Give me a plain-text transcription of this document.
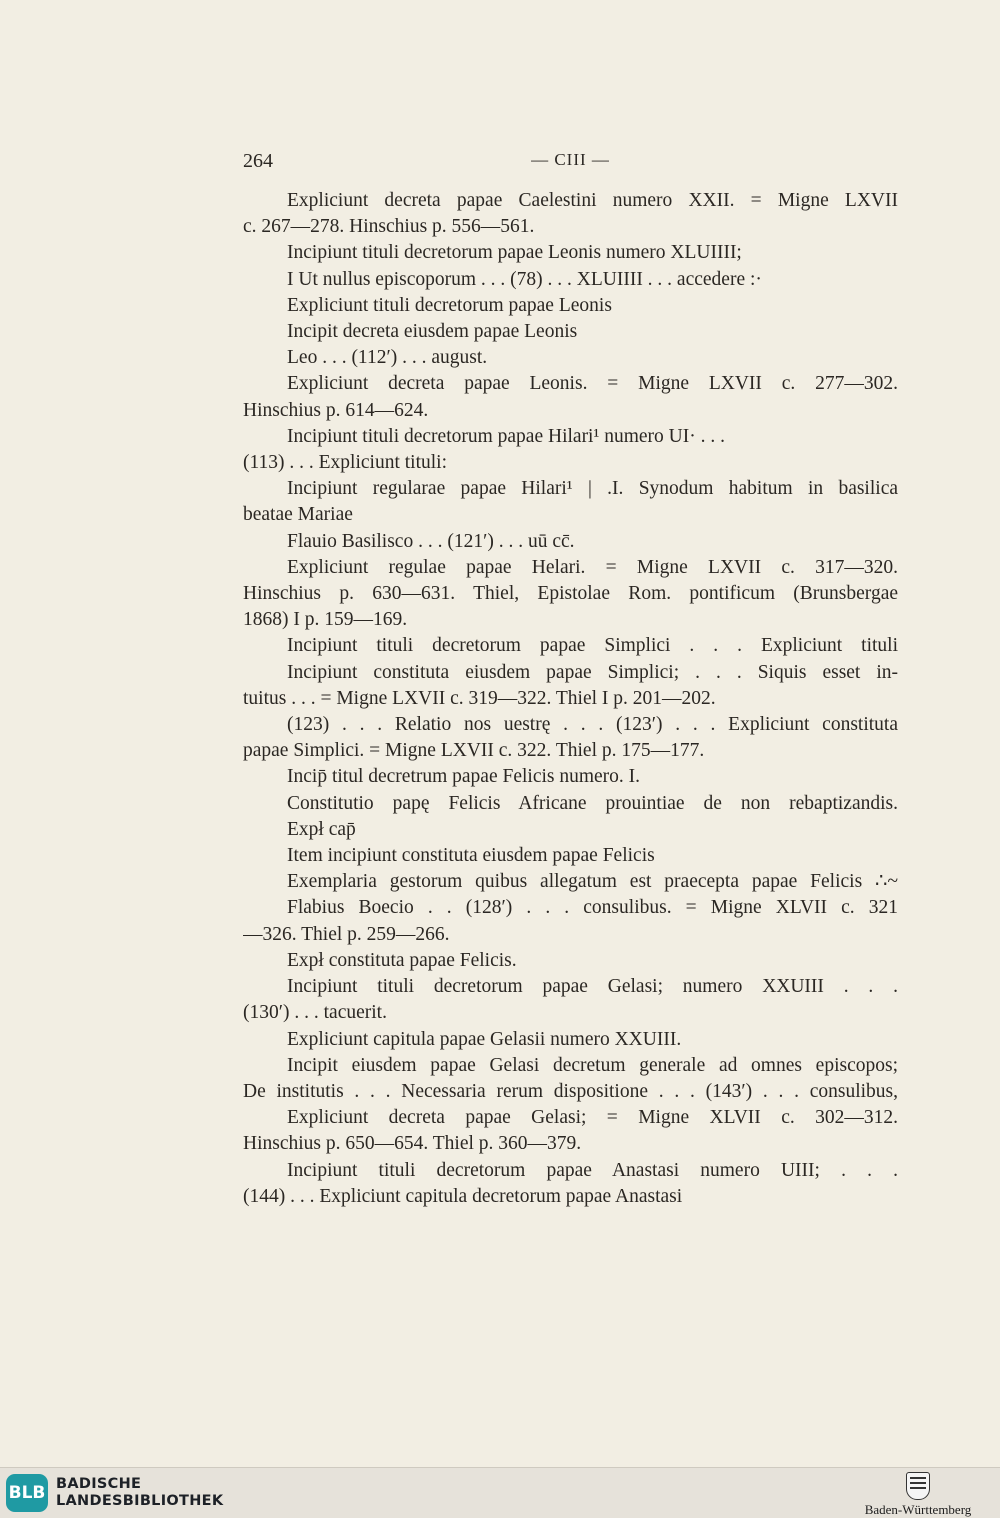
264	— CIII —
Expliciunt decreta papae Caelestini numero XXII. = Migne LXVII
c. 267—278. Hinschius p. 556—561.
Incipiunt tituli decretorum papae Leonis numero XLUIIII;
I Ut nullus episcoporum . . . (78) . . . XLUIIII . . . accedere :·
Expliciunt tituli decretorum papae Leonis
Incipit decreta eiusdem papae Leonis
Leo . . . (112′) . . . august.
Expliciunt decreta papae Leonis. = Migne LXVII c. 277—302.
Hinschius p. 614—624.
Incipiunt tituli decretorum papae Hilari¹ numero UI· . . .
(113) . . . Expliciunt tituli:
Incipiunt regularae papae Hilari¹ | .I. Synodum habitum in basilica
beatae Mariae
Flauio Basilisco . . . (121′) . . . uū cc̄.
Expliciunt regulae papae Helari. = Migne LXVII c. 317—320.
Hinschius p. 630—631. Thiel, Epistolae Rom. pontificum (Brunsbergae
1868) I p. 159—169.
Incipiunt tituli decretorum papae Simplici . . . Expliciunt tituli
Incipiunt constituta eiusdem papae Simplici; . . . Siquis esset in-
tuitus . . . = Migne LXVII c. 319—322. Thiel I p. 201—202.
(123) . . . Relatio nos uestrę . . . (123′) . . . Expliciunt constituta
papae Simplici. = Migne LXVII c. 322. Thiel p. 175—177.
Incip̄ titul decretrum papae Felicis numero. I.
Constitutio papę Felicis Africane prouintiae de non rebaptizandis.
Expł cap̄
Item incipiunt constituta eiusdem papae Felicis
Exemplaria gestorum quibus allegatum est praecepta papae Felicis ∴~
Flabius Boecio . . (128′) . . . consulibus. = Migne XLVII c. 321
—326. Thiel p. 259—266.
Expł constituta papae Felicis.
Incipiunt tituli decretorum papae Gelasi; numero XXUIII . . .
(130′) . . . tacuerit.
Expliciunt capitula papae Gelasii numero XXUIII.
Incipit eiusdem papae Gelasi decretum generale ad omnes episcopos;
De institutis . . . Necessaria rerum dispositione . . . (143′) . . . consulibus,
Expliciunt decreta papae Gelasi; = Migne XLVII c. 302—312.
Hinschius p. 650—654. Thiel p. 360—379.
Incipiunt tituli decretorum papae Anastasi numero UIII; . . .
(144) . . . Expliciunt capitula decretorum papae Anastasi
BLB BADISCHE
LANDESBIBLIOTHEK
Baden-Württemberg
